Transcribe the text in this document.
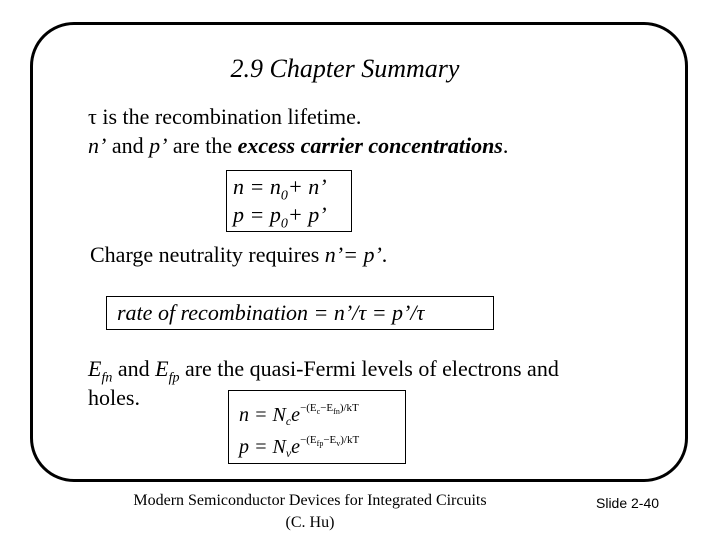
2.9 Chapter Summary
τ is the recombination lifetime.
n’ and p’ are the excess carrier concentrations.
$n = n_0+ n$’
$p = p_0+ p$’
Charge neutrality requires n’= p’.
rate of recombination = n’/τ = p’/τ
$E_{fn}$ and $E_{fp}$ are the quasi-Fermi levels of electrons and
holes.
$n = N_ce^{-(E}c-Efn)/kT$
$p = N_ve^{-(E}fp-Ev)/kT$
Modern Semiconductor Devices for Integrated Circuits
(C. Hu)
Slide 2-40
